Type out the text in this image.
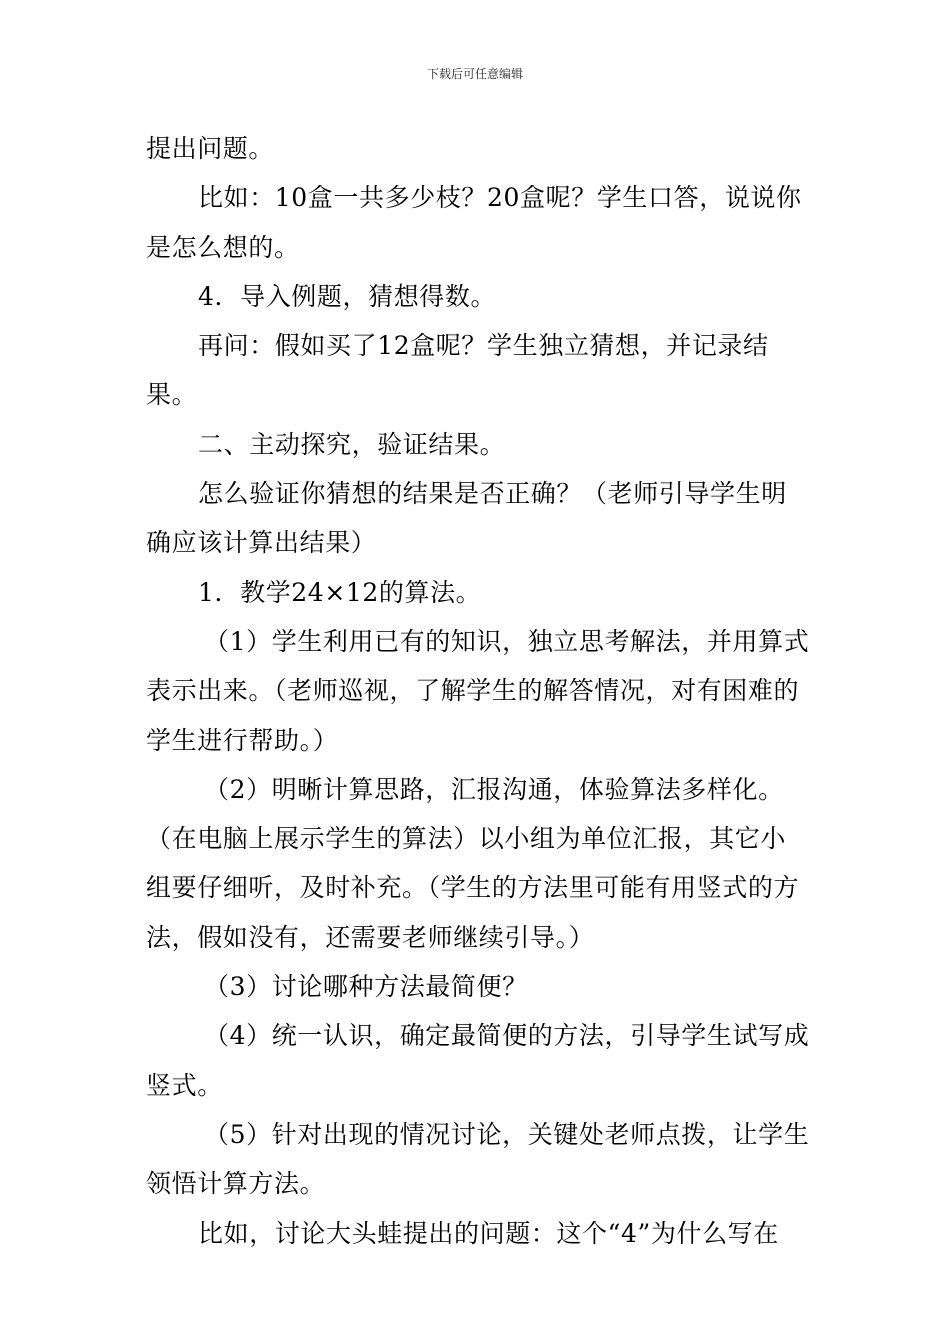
下载后可任意编辑

提出问题。

比如：10盒一共多少枝？20盒呢？学生口答，说说你是怎么想的。

4．导入例题，猜想得数。

再问：假如买了12盒呢？学生独立猜想，并记录结果。

二、主动探究，验证结果。

怎么验证你猜想的结果是否正确？（老师引导学生明确应该计算出结果）

1．教学24×12的算法。

（1）学生利用已有的知识，独立思考解法，并用算式表示出来。（老师巡视，了解学生的解答情况，对有困难的学生进行帮助。）

（2）明晰计算思路，汇报沟通，体验算法多样化。（在电脑上展示学生的算法）以小组为单位汇报，其它小组要仔细听，及时补充。（学生的方法里可能有用竖式的方法，假如没有，还需要老师继续引导。）

（3）讨论哪种方法最简便？

（4）统一认识，确定最简便的方法，引导学生试写成竖式。

（5）针对出现的情况讨论，关键处老师点拨，让学生领悟计算方法。

比如，讨论大头蛙提出的问题：这个“4”为什么写在
